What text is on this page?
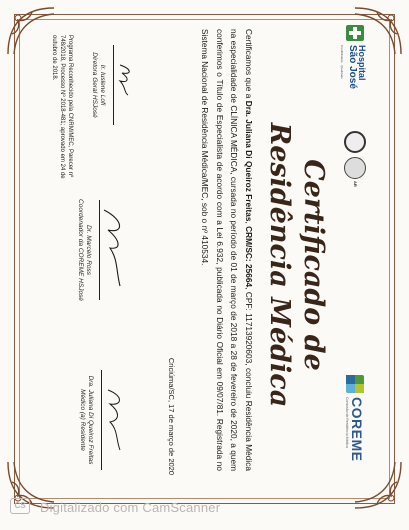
Hospital
São José
Credibilidade · Qualidade
AR
Certificado de
Residência Médica
COREME
Comissão de Residência Médica
Certificamos que a Dra. Juliana Di Queiroz Freitas, CRM/SC: 25664, CPF: 11713920603, concluiu Residência Médica na especialidade de CLÍNICA MÉDICA, cursada no período de 01 de março de 2018 a 28 de fevereiro de 2020, a quem conferimos o Título de Especialista de acordo com a Lei 6.932, publicada no Diário Oficial em 09/07/81. Registrada no Sistema Nacional de Residência Médica/MEC, sob o nº 410534.
Criciúma/SC, 17 de março de 2020
Ir. Iuslene Lofi
Diretora Geral HSJosé
Dr. Marcelo Ross
Coordenador da COREME HSJosé
Dra. Juliana Di Queiroz Freitas
Médico (a) Residente
Programa Reconhecido pela CNRM/MEC, Parecer nº 748/2018, Processo Nº 2018-481; aprovado em 24 de outubro de 2018.
CS	Digitalizado com CamScanner
